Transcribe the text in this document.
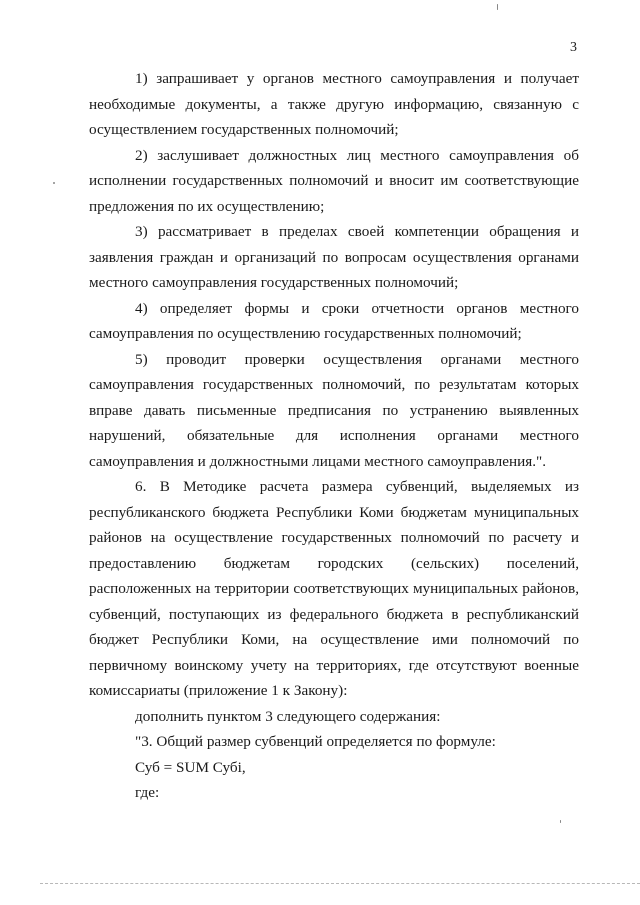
3

1) запрашивает у органов местного самоуправления и получает необходимые документы, а также другую информацию, связанную с осуществлением государственных полномочий;

2) заслушивает должностных лиц местного самоуправления об исполнении государственных полномочий и вносит им соответствующие предложения по их осуществлению;

3) рассматривает в пределах своей компетенции обращения и заявления граждан и организаций по вопросам осуществления органами местного самоуправления государственных полномочий;

4) определяет формы и сроки отчетности органов местного самоуправления по осуществлению государственных полномочий;

5) проводит проверки осуществления органами местного самоуправления государственных полномочий, по результатам которых вправе давать письменные предписания по устранению выявленных нарушений, обязательные для исполнения органами местного самоуправления и должностными лицами местного самоуправления.".

6. В Методике расчета размера субвенций, выделяемых из республиканского бюджета Республики Коми бюджетам муниципальных районов на осуществление государственных полномочий по расчету и предоставлению бюджетам городских (сельских) поселений, расположенных на территории соответствующих муниципальных районов, субвенций, поступающих из федерального бюджета в республиканский бюджет Республики Коми, на осуществление ими полномочий по первичному воинскому учету на территориях, где отсутствуют военные комиссариаты (приложение 1 к Закону):

дополнить пунктом 3 следующего содержания:

"3. Общий размер субвенций определяется по формуле:

Суб = SUM Субi,

где:
